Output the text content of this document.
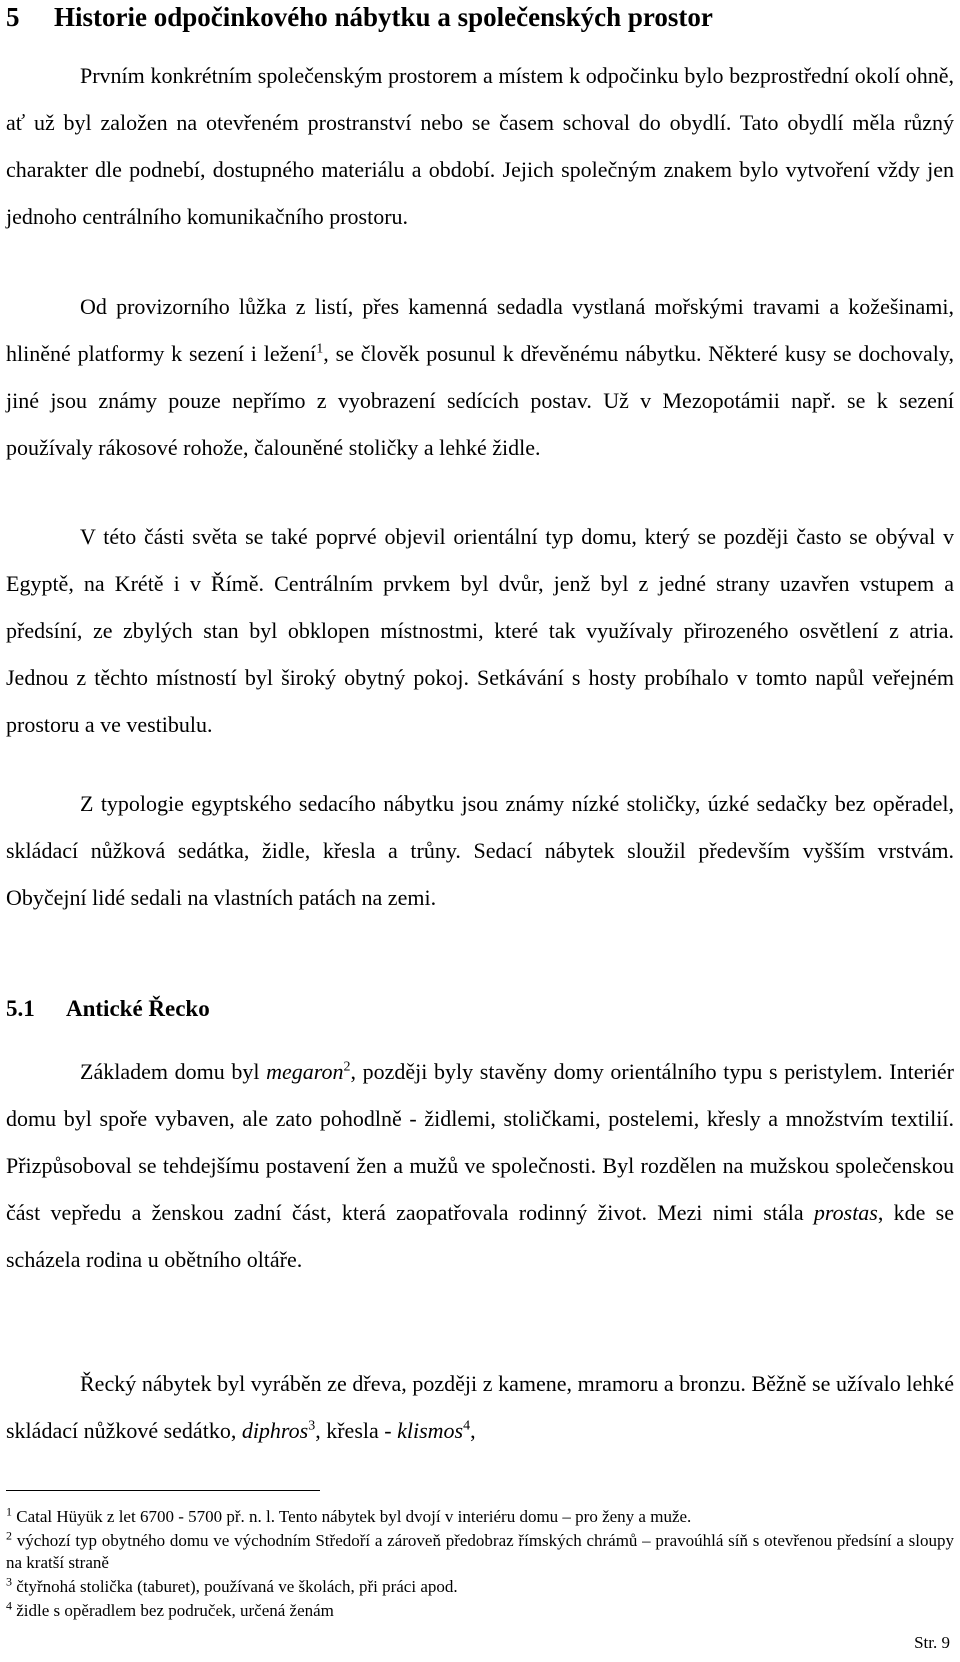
5 Historie odpočinkového nábytku a společenských prostor

Prvním konkrétním společenským prostorem a místem k odpočinku bylo bezprostřední okolí ohně, ať už byl založen na otevřeném prostranství nebo se časem schoval do obydlí. Tato obydlí měla různý charakter dle podnebí, dostupného materiálu a období. Jejich společným znakem bylo vytvoření vždy jen jednoho centrálního komunikačního prostoru.

Od provizorního lůžka z listí, přes kamenná sedadla vystlaná mořskými travami a kožešinami, hliněné platformy k sezení i ležení$^1$, se člověk posunul k dřevěnému nábytku. Některé kusy se dochovaly, jiné jsou známy pouze nepřímo z vyobrazení sedících postav. Už v Mezopotámii např. se k sezení používaly rákosové rohože, čalouněné stoličky a lehké židle.

V této části světa se také poprvé objevil orientální typ domu, který se později často se obýval v Egyptě, na Krétě i v Římě. Centrálním prvkem byl dvůr, jenž byl z jedné strany uzavřen vstupem a předsíní, ze zbylých stan byl obklopen místnostmi, které tak využívaly přirozeného osvětlení z atria. Jednou z těchto místností byl široký obytný pokoj. Setkávání s hosty probíhalo v tomto napůl veřejném prostoru a ve vestibulu.

Z typologie egyptského sedacího nábytku jsou známy nízké stoličky, úzké sedačky bez opěradel, skládací nůžková sedátka, židle, křesla a trůny. Sedací nábytek sloužil především vyšším vrstvám. Obyčejní lidé sedali na vlastních patách na zemi.

5.1 Antické Řecko

Základem domu byl megaron$^2$, později byly stavěny domy orientálního typu s peristylem. Interiér domu byl spoře vybaven, ale zato pohodlně - židlemi, stoličkami, postelemi, křesly a množstvím textilií. Přizpůsoboval se tehdejšímu postavení žen a mužů ve společnosti. Byl rozdělen na mužskou společenskou část vepředu a ženskou zadní část, která zaopatřovala rodinný život. Mezi nimi stála prostas, kde se scházela rodina u obětního oltáře.

Řecký nábytek byl vyráběn ze dřeva, později z kamene, mramoru a bronzu. Běžně se užívalo lehké skládací nůžkové sedátko, diphros$^3$, křesla - klismos$^4$,

$^1$ Catal Hüyük z let 6700 - 5700 př. n. l. Tento nábytek byl dvojí v interiéru domu – pro ženy a muže.

$^2$ výchozí typ obytného domu ve východním Středoří a zároveň předobraz římských chrámů – pravoúhlá síň s otevřenou předsíní a sloupy na kratší straně

$^3$ čtyřnohá stolička (taburet), používaná ve školách, při práci apod.

$^4$ židle s opěradlem bez područek, určená ženám

Str. 9
